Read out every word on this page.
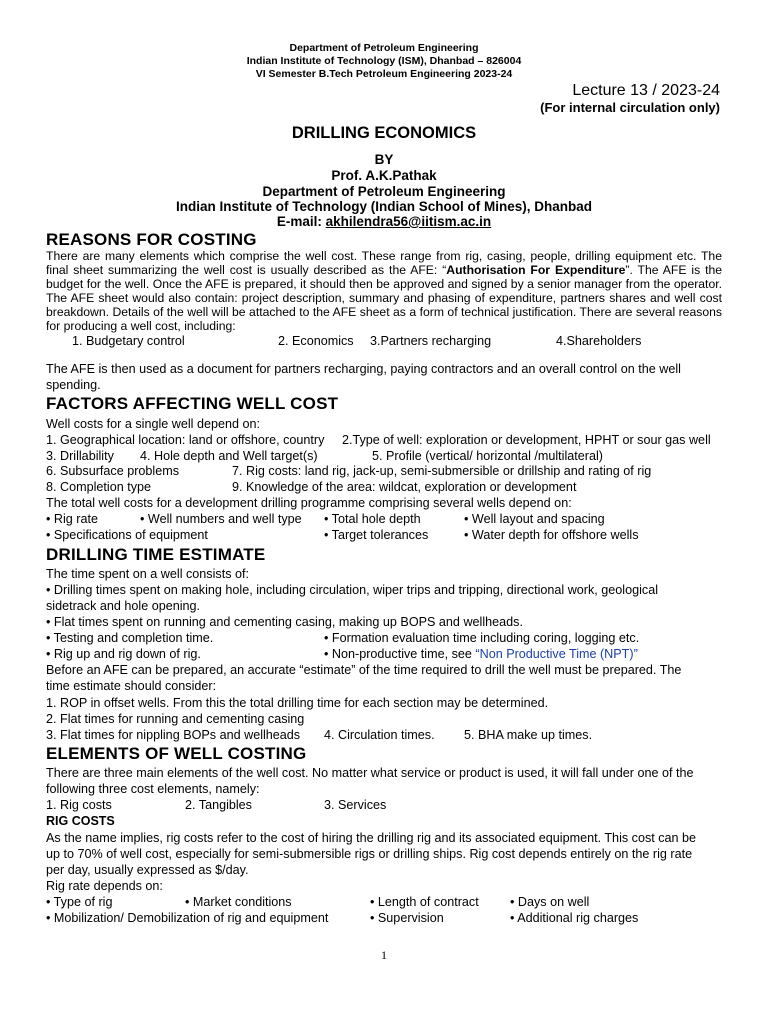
Department of Petroleum Engineering
Indian Institute of Technology (ISM), Dhanbad – 826004
VI Semester B.Tech Petroleum Engineering 2023-24
Lecture 13 / 2023-24
(For internal circulation only)
DRILLING ECONOMICS
BY
Prof. A.K.Pathak
Department of Petroleum Engineering
Indian Institute of Technology (Indian School of Mines), Dhanbad
E-mail: akhilendra56@iitism.ac.in
REASONS FOR COSTING
There are many elements which comprise the well cost. These range from rig, casing, people, drilling equipment etc. The final sheet summarizing the well cost is usually described as the AFE: “Authorisation For Expenditure”. The AFE is the budget for the well. Once the AFE is prepared, it should then be approved and signed by a senior manager from the operator. The AFE sheet would also contain: project description, summary and phasing of expenditure, partners shares and well cost breakdown. Details of the well will be attached to the AFE sheet as a form of technical justification. There are several reasons for producing a well cost, including:
1. Budgetary control	2. Economics 3.Partners recharging	4.Shareholders
The AFE is then used as a document for partners recharging, paying contractors and an overall control on the well
spending.
FACTORS AFFECTING WELL COST
Well costs for a single well depend on:
1. Geographical location: land or offshore, country 2.Type of well: exploration or development, HPHT or sour gas well
3. Drillability 4. Hole depth and Well target(s)	5. Profile (vertical/ horizontal /multilateral)
6. Subsurface problems	7. Rig costs: land rig, jack-up, semi-submersible or drillship and rating of rig
8. Completion type	9. Knowledge of the area: wildcat, exploration or development
The total well costs for a development drilling programme comprising several wells depend on:
• Rig rate	• Well numbers and well type • Total hole depth	• Well layout and spacing
• Specifications of equipment	• Target tolerances	• Water depth for offshore wells
DRILLING TIME ESTIMATE
The time spent on a well consists of:
• Drilling times spent on making hole, including circulation, wiper trips and tripping, directional work, geological
sidetrack and hole opening.
• Flat times spent on running and cementing casing, making up BOPS and wellheads.
• Testing and completion time.	• Formation evaluation time including coring, logging etc.
• Rig up and rig down of rig.	• Non-productive time, see “Non Productive Time (NPT)”
Before an AFE can be prepared, an accurate “estimate” of the time required to drill the well must be prepared. The
time estimate should consider:
1. ROP in offset wells. From this the total drilling time for each section may be determined.
2. Flat times for running and cementing casing
3. Flat times for nippling BOPs and wellheads 4. Circulation times. 5. BHA make up times.
ELEMENTS OF WELL COSTING
There are three main elements of the well cost. No matter what service or product is used, it will fall under one of the
following three cost elements, namely:
1. Rig costs	2. Tangibles	3. Services
RIG COSTS
As the name implies, rig costs refer to the cost of hiring the drilling rig and its associated equipment. This cost can be
up to 70% of well cost, especially for semi-submersible rigs or drilling ships. Rig cost depends entirely on the rig rate
per day, usually expressed as $/day.
Rig rate depends on:
• Type of rig	• Market conditions	• Length of contract • Days on well
• Mobilization/ Demobilization of rig and equipment	• Supervision	• Additional rig charges
1
